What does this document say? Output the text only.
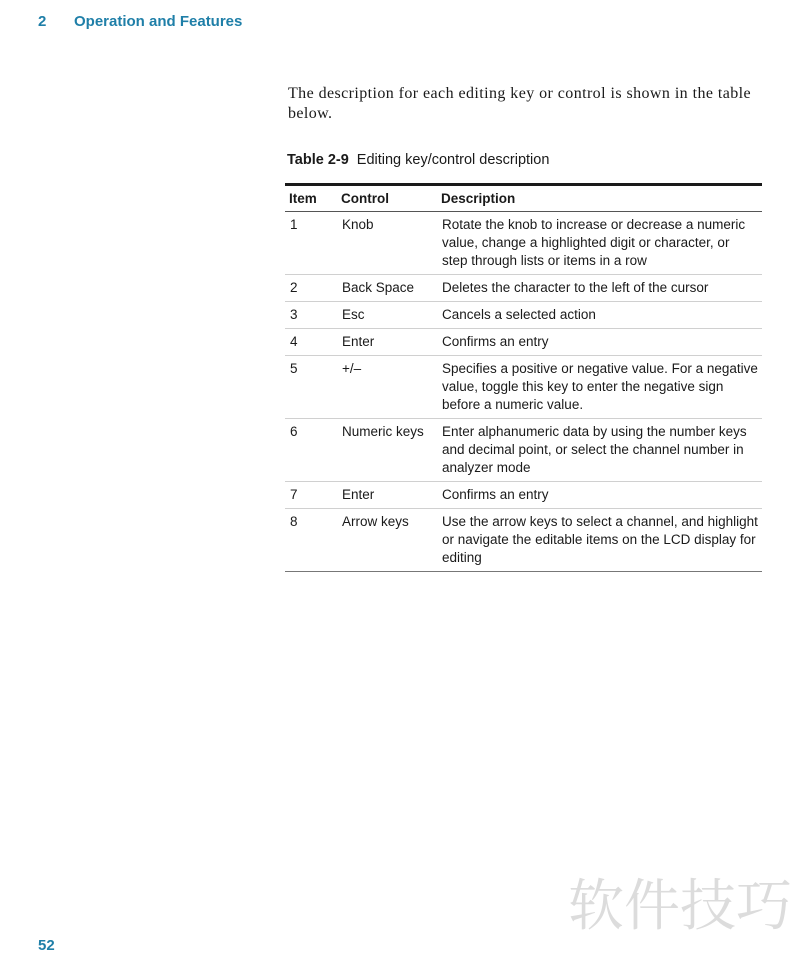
2 Operation and Features

The description for each editing key or control is shown in the table below.

Table 2-9 Editing key/control description
Item	Control	Description
1	Knob	Rotate the knob to increase or decrease a numeric value, change a highlighted digit or character, or step through lists or items in a row
2	Back Space	Deletes the character to the left of the cursor
3	Esc	Cancels a selected action
4	Enter	Confirms an entry
5	+/–	Specifies a positive or negative value. For a negative value, toggle this key to enter the negative sign before a numeric value.
6	Numeric keys	Enter alphanumeric data by using the number keys and decimal point, or select the channel number in analyzer mode
7	Enter	Confirms an entry
8	Arrow keys	Use the arrow keys to select a channel, and highlight or navigate the editable items on the LCD display for editing
52
软件技巧
